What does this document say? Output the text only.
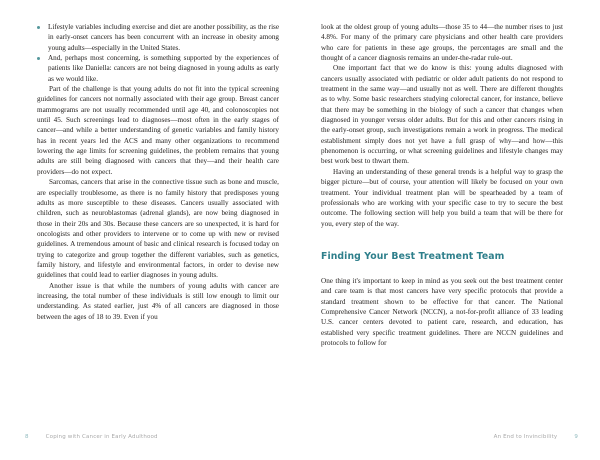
Lifestyle variables including exercise and diet are another possibility, as the rise in early-onset cancers has been concurrent with an increase in obesity among young adults—especially in the United States.
And, perhaps most concerning, is something supported by the experiences of patients like Daniella: cancers are not being diagnosed in young adults as early as we would like.

Part of the challenge is that young adults do not fit into the typical screening guidelines for cancers not normally associated with their age group. Breast cancer mammograms are not usually recommended until age 40, and colonoscopies not until 45. Such screenings lead to diagnoses—most often in the early stages of cancer—and while a better understanding of genetic variables and family history has in recent years led the ACS and many other organizations to recommend lowering the age limits for screening guidelines, the problem remains that young adults are still being diagnosed with cancers that they—and their health care providers—do not expect.

Sarcomas, cancers that arise in the connective tissue such as bone and muscle, are especially troublesome, as there is no family history that predisposes young adults as more susceptible to these diseases. Cancers usually associated with children, such as neuroblastomas (adrenal glands), are now being diagnosed in those in their 20s and 30s. Because these cancers are so unexpected, it is hard for oncologists and other providers to intervene or to come up with new or revised guidelines. A tremendous amount of basic and clinical research is focused today on trying to categorize and group together the different variables, such as genetics, family history, and lifestyle and environmental factors, in order to devise new guidelines that could lead to earlier diagnoses in young adults.

Another issue is that while the numbers of young adults with cancer are increasing, the total number of these individuals is still low enough to limit our understanding. As stated earlier, just 4% of all cancers are diagnosed in those between the ages of 18 to 39. Even if you

8	Coping with Cancer in Early Adulthood

look at the oldest group of young adults—those 35 to 44—the number rises to just 4.8%. For many of the primary care physicians and other health care providers who care for patients in these age groups, the percentages are small and the thought of a cancer diagnosis remains an under-the-radar rule-out.

One important fact that we do know is this: young adults diagnosed with cancers usually associated with pediatric or older adult patients do not respond to treatment in the same way—and usually not as well. There are different thoughts as to why. Some basic researchers studying colorectal cancer, for instance, believe that there may be something in the biology of such a cancer that changes when diagnosed in younger versus older adults. But for this and other cancers rising in the early-onset group, such investigations remain a work in progress. The medical establishment simply does not yet have a full grasp of why—and how—this phenomenon is occurring, or what screening guidelines and lifestyle changes may best work best to thwart them.

Having an understanding of these general trends is a helpful way to grasp the bigger picture—but of course, your attention will likely be focused on your own treatment. Your individual treatment plan will be spearheaded by a team of professionals who are working with your specific case to try to secure the best outcome. The following section will help you build a team that will be there for you, every step of the way.

Finding Your Best Treatment Team

One thing it's important to keep in mind as you seek out the best treatment center and care team is that most cancers have very specific protocols that provide a standard treatment shown to be effective for that cancer. The National Comprehensive Cancer Network (NCCN), a not-for-profit alliance of 33 leading U.S. cancer centers devoted to patient care, research, and education, has established very specific treatment guidelines. There are NCCN guidelines and protocols to follow for

An End to Invincibility	9
